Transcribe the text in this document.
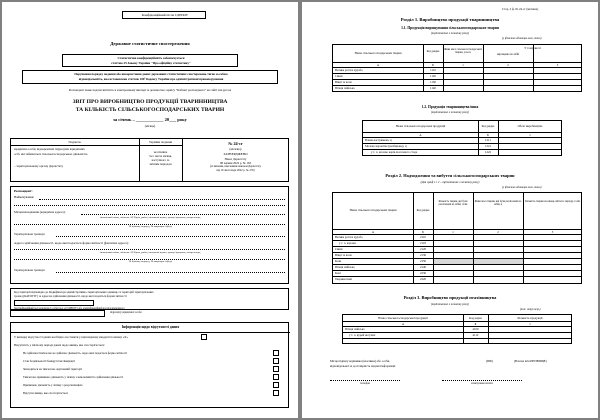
Конфіденційний після СДРПОУ
Державне статистичне спостереження
Статистична конфіденційність забезпечується
статтею 25 Закону України "Про офіційну статистику"
Порушення порядку подання або використання даних державних статистичних спостережень тягне за собою
відповідальність, яка встановлена статтею 186³ Кодексу України про адміністративні правопорушення
Респондент може подати звітність в електронному вигляді за допомогою сервісу "Кабінет респондента" на сайті stat.gov.ua
ЗВІТ ПРО ВИРОБНИЦТВО ПРОДУКЦІЇ ТВАРИННИЦТВА
ТА КІЛЬКІСТЬ СІЛЬСЬКОГОСПОДАРСЬКИХ ТВАРИН
за січень – ____________ 20___ року
(місяць)
Подають:	Терміни подання
юридичні особи, відокремлені підрозділи юридичних
осіб, які займаються сільськогосподарською діяльністю
– територіальному органу Держстату
не пізніше
3-го числа місяця,
наступного за
звітним періодом
№ 24-сг
(місячна)
ЗАТВЕРДЖЕНО
Наказ Держстату
08 червня 2022 р. № 163
(зі змінами, внесеними наказом Держстату
від 19 листопада 2022 р. № 276)
Респондент:
Найменування:
Місцезнаходження (юридична адреса):
(поштовий індекс, область /АР Крим, район, населений пункт, вулиця /провулок, площа тощо,
№ будинку /корпусу, № квартири /офісу)
Територіальна громада:
Адреса здійснення діяльності, щодо якої подається форма звітності (фактична адреса):
(поштовий індекс, область /АР Крим, район, населений пункт, вулиця /провулок, площа тощо,
№ будинку /корпусу, № квартири /офісу)
Територіальна громада:
Код території відповідно до Кодифікатора адміністративно-територіальних одиниць та територій територіальних
громад (КАТОТТГ) за адресою здійснення діяльності, щодо якої подається форма звітності
Ідентифікаційний код юридичної особи (код за ЄДРПОУ) або ідентифікаційний код відокремленого
підрозділу юридичної особи
Інформація щодо відсутності даних
У випадку відсутності даних необхідно поставити у відповідному квадраті позначку «Х»
Відсутність у звітному періоді даних щодо явища, яке спостерігається:
Не здійснює/тимчасово не здійснює діяльність, щодо якої подається форма звітності
Стан бездіяльності/банкрутства/ліквідації
Знаходиться на тимчасово окупованій території
Тимчасово припинено діяльність у зв'язку з неможливістю здійснення діяльності
Припинено діяльність у зв'язку з реорганізацією
Відсутнє явище, яке спостерігається
Стор. 2 ф. № 24-сг (місячна)
Розділ 1. Виробництво продукції тваринництва
1.1. Продукція вирощування сільськогосподарських тварин
(тріпотатне з початку року)
(у фізичних одиницях ваги, тонн)
Назва сільськогосподарських тварин	Код рядка	Жива маса сільськогосподарських тварин, усього
У тому числі
вирощених на забій
А	Б	1	2	3
Велика рогата худоба	1110
Свині	1120
Вівці та кози	1130
Птиця свійська	1140
1.2. Продукція тваринництва інша
(тріпотатне з початку року)
Назва сільськогосподарської продукції	Код рядка	Обсяг виробництва
А	Б	1
Вовна настрижена, ц	1211
Молоко коров'яче (незбиране), ц	1221
у т. ч. молоко корів молочного стада	1222
Розділ 2. Надходження та вибуття сільськогосподарських тварин
(Для граф 1 і 2 – тріпотатне з початку року)
(у фізичних одиницях ваги, тонн)
Назва сільськогосподарських тварин	Код рядка
Кількість тварин, які були реалізовані на забій, голів
Жива маса тварин, які були реалізовані на забій, ц
Кількість тварин на кінець звітного періоду, голів
А	Б	1	2	3
Велика рогата худоба	2110
у т. ч. корови	2118
Свині	2120
Вівці та кози	2130
Кози	2150
Птиця свійська	2140
Коні	2230
Тварини інші	2220
Розділ 3. Виробництво продукції птахівництва
(тріпотатне з початку року)
(тис. штук яєць)
Назва сільськогосподарської продукції	Код рядка	Кількість продукції
А	Б	1
Птиця свійська	4100
у т. ч. курей несучих	4112
Місце підпису керівника (власника) або особи,
відповідальної за достовірність наданої інформації
(ПІБ)	(Власне ім'я ПРІЗВИЩЕ)
телефон	електронна пошта
